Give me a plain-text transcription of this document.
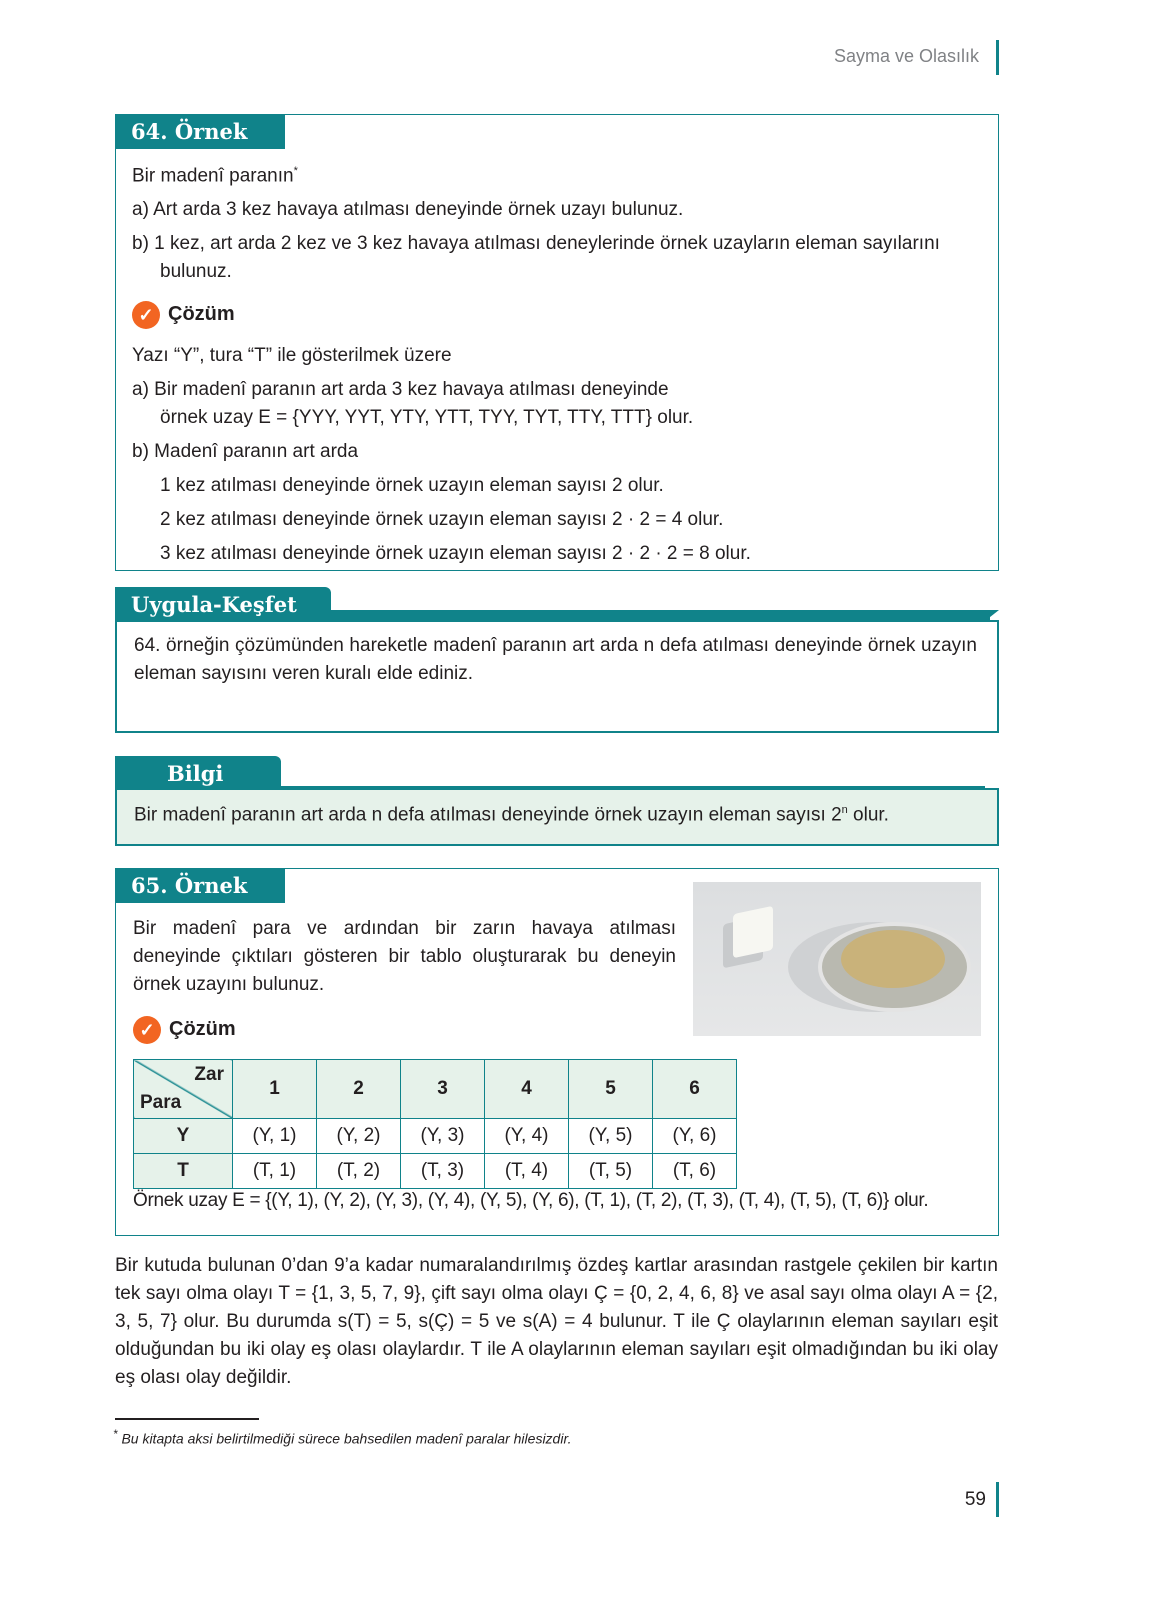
Sayma ve Olasılık
64. Örnek
Bir madenî paranın*
a) Art arda 3 kez havaya atılması deneyinde örnek uzayı bulunuz.
b) 1 kez, art arda 2 kez ve 3 kez havaya atılması deneylerinde örnek uzayların eleman sayılarını
bulunuz.
✓ Çözüm
Yazı “Y”, tura “T” ile gösterilmek üzere
a) Bir madenî paranın art arda 3 kez havaya atılması deneyinde
örnek uzay E = {YYY, YYT, YTY, YTT, TYY, TYT, TTY, TTT} olur.
b) Madenî paranın art arda
1 kez atılması deneyinde örnek uzayın eleman sayısı 2 olur.
2 kez atılması deneyinde örnek uzayın eleman sayısı 2 · 2 = 4 olur.
3 kez atılması deneyinde örnek uzayın eleman sayısı 2 · 2 · 2 = 8 olur.
Uygula-Keşfet
64. örneğin çözümünden hareketle madenî paranın art arda n defa atılması deneyinde örnek uzayın eleman sayısını veren kuralı elde ediniz.
Bilgi
Bir madenî paranın art arda n defa atılması deneyinde örnek uzayın eleman sayısı 2$^n$ olur.
65. Örnek
Bir madenî para ve ardından bir zarın havaya atılması deneyinde çıktıları gösteren bir tablo oluşturarak bu deneyin örnek uzayını bulunuz.
✓ Çözüm
Zar
Para	1	2	3	4	5	6
Y	(Y, 1)	(Y, 2)	(Y, 3)	(Y, 4)	(Y, 5)	(Y, 6)
T	(T, 1)	(T, 2)	(T, 3)	(T, 4)	(T, 5)	(T, 6)
Örnek uzay E = {(Y, 1), (Y, 2), (Y, 3), (Y, 4), (Y, 5), (Y, 6), (T, 1), (T, 2), (T, 3), (T, 4), (T, 5), (T, 6)} olur.
Bir kutuda bulunan 0’dan 9’a kadar numaralandırılmış özdeş kartlar arasından rastgele çekilen bir kartın tek sayı olma olayı T = {1, 3, 5, 7, 9}, çift sayı olma olayı Ç = {0, 2, 4, 6, 8} ve asal sayı olma olayı A = {2, 3, 5, 7} olur. Bu durumda s(T) = 5, s(Ç) = 5 ve s(A) = 4 bulunur. T ile Ç olaylarının eleman sayıları eşit olduğundan bu iki olay eş olası olaylardır. T ile A olaylarının eleman sayıları eşit olmadığından bu iki olay eş olası olay değildir.
* Bu kitapta aksi belirtilmediği sürece bahsedilen madenî paralar hilesizdir.
59
